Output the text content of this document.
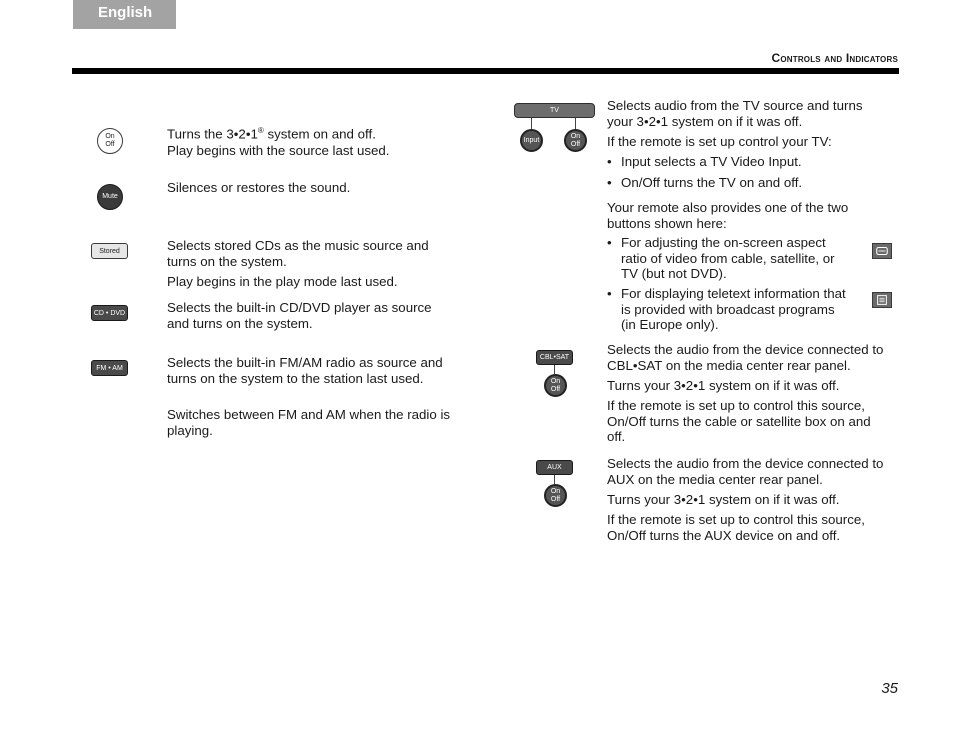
English
Controls and Indicators
On
Off

Turns the 3•2•1® system on and off.

Play begins with the source last used.

Mute

Silences or restores the sound.

Stored	Selects stored CDs as the music source and turns on the system.

Play begins in the play mode last used.

CD • DVD	Selects the built-in CD/DVD player as source and turns on the system.

FM • AM	Selects the built-in FM/AM radio as source and turns on the system to the station last used.

Switches between FM and AM when the radio is playing.

TV
Input
On
Off

Selects audio from the TV source and turns your 3•2•1 system on if it was off.

If the remote is set up control your TV:

• Input selects a TV Video Input.
• On/Off turns the TV on and off.

Your remote also provides one of the two buttons shown here:

• For adjusting the on-screen aspect ratio of video from cable, satellite, or TV (but not DVD).
• For displaying teletext information that is provided with broadcast programs (in Europe only).
CBL•SAT
On
Off

Selects the audio from the device connected to CBL•SAT on the media center rear panel.

Turns your 3•2•1 system on if it was off.

If the remote is set up to control this source, On/Off turns the cable or satellite box on and off.

AUX
On
Off

Selects the audio from the device connected to AUX on the media center rear panel.

Turns your 3•2•1 system on if it was off.

If the remote is set up to control this source, On/Off turns the AUX device on and off.

35
